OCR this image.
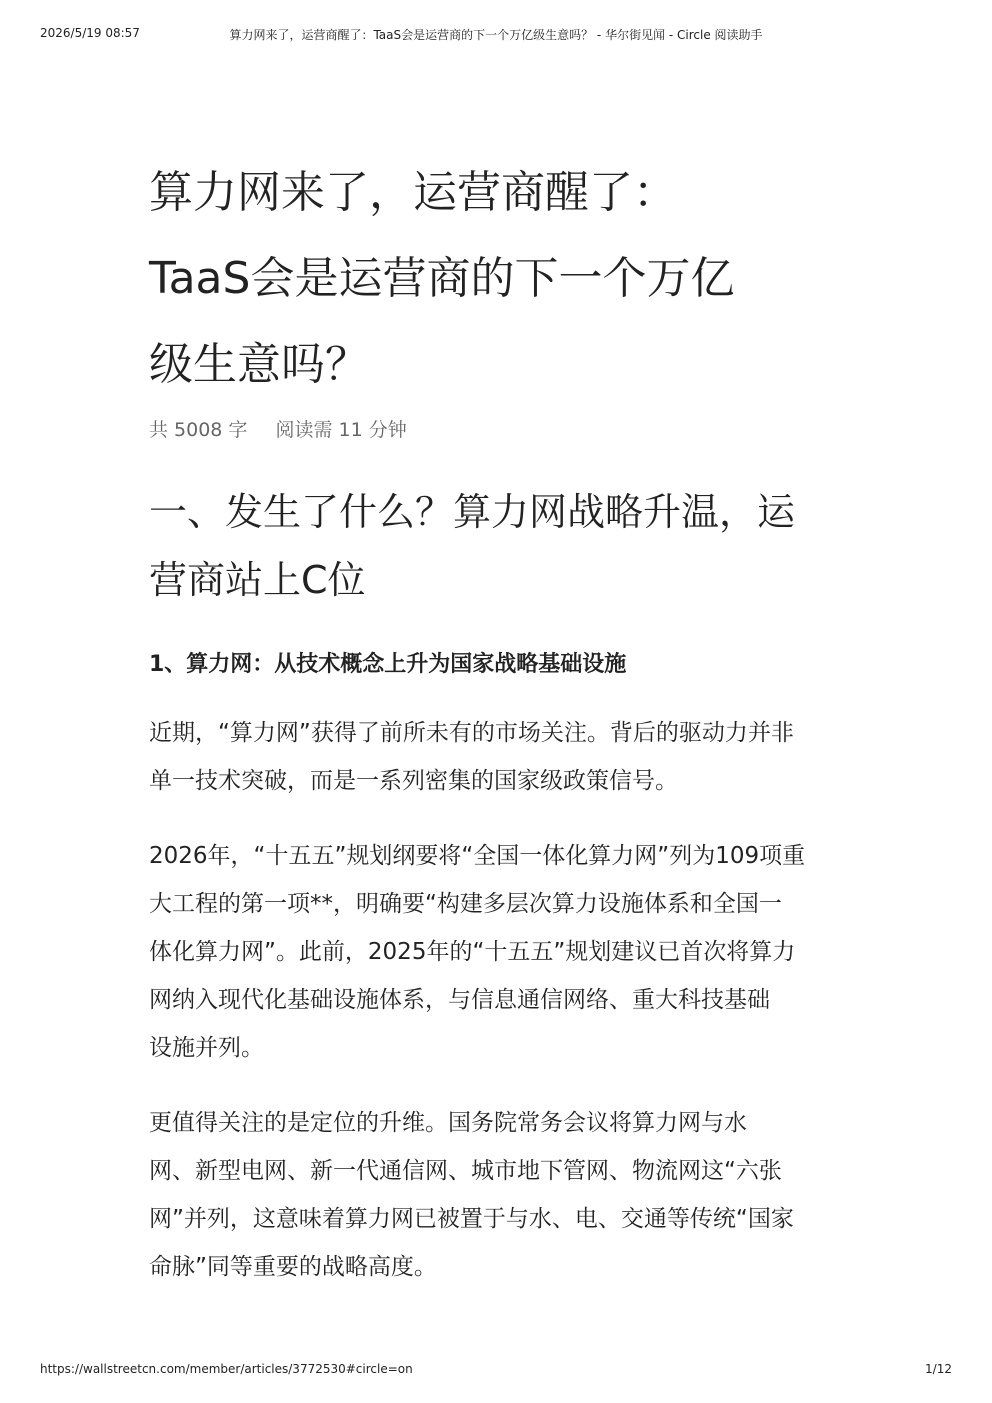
2026/5/19 08:57	算力网来了，运营商醒了：TaaS会是运营商的下一个万亿级生意吗？ - 华尔街见闻 - Circle 阅读助手
算力网来了，运营商醒了：
TaaS会是运营商的下一个万亿
级生意吗？
共 5008 字 阅读需 11 分钟
一、发生了什么？算力网战略升温，运
营商站上C位
1、算力网：从技术概念上升为国家战略基础设施
近期，“算力网”获得了前所未有的市场关注。背后的驱动力并非
单一技术突破，而是一系列密集的国家级政策信号。
2026年，“十五五”规划纲要将“全国一体化算力网”列为109项重
大工程的第一项**，明确要“构建多层次算力设施体系和全国一
体化算力网”。此前，2025年的“十五五”规划建议已首次将算力
网纳入现代化基础设施体系，与信息通信网络、重大科技基础
设施并列。
更值得关注的是定位的升维。国务院常务会议将算力网与水
网、新型电网、新一代通信网、城市地下管网、物流网这“六张
网”并列，这意味着算力网已被置于与水、电、交通等传统“国家
命脉”同等重要的战略高度。
https://wallstreetcn.com/member/articles/3772530#circle=on	1/12
